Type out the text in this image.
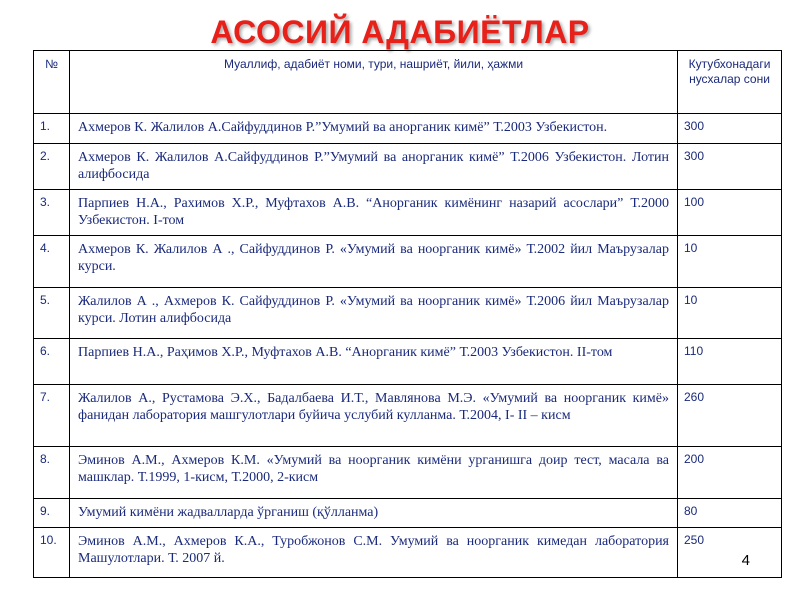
АСОСИЙ АДАБИЁТЛАР
№	Муаллиф, адабиёт номи, тури, нашриёт, йили, ҳажми	Кутубхонадаги нусхалар сони
1.	Ахмеров К. Жалилов А.Сайфуддинов Р.”Умумий ва анорганик кимё” Т.2003 Узбекистон.	300
2.	Ахмеров К. Жалилов А.Сайфуддинов Р.”Умумий ва анорганик кимё” Т.2006 Узбекистон. Лотин алифбосида	300
3.	Парпиев Н.А., Рахимов Х.Р., Муфтахов А.В. “Анорганик кимёнинг назарий асослари” Т.2000 Узбекистон. I-том	100
4.	Ахмеров К. Жалилов А ., Сайфуддинов Р. «Умумий ва ноорганик кимё» Т.2002 йил Маърузалар курси.	10
5.	Жалилов А ., Ахмеров К. Сайфуддинов Р. «Умумий ва ноорганик кимё» Т.2006 йил Маърузалар курси. Лотин алифбосида	10
6.	Парпиев Н.А., Раҳимов Х.Р., Муфтахов А.В. “Анорганик кимё” Т.2003 Узбекистон. II-том	110
7.	Жалилов А., Рустамова Э.Х., Бадалбаева И.Т., Мавлянова М.Э. «Умумий ва ноорганик кимё» фанидан лаборатория машгулотлари буйича услубий кулланма. Т.2004, I- II – кисм	260
8.	Эминов А.М., Ахмеров К.М. «Умумий ва ноорганик кимёни урганишга доир тест, масала ва машклар. Т.1999, 1-кисм, Т.2000, 2-кисм	200
9.	Умумий кимёни жадвалларда ўрганиш (қўлланма)	80
10.	Эминов А.М., Ахмеров К.А., Туробжонов С.М. Умумий ва ноорганик кимедан лаборатория Машулотлари. Т. 2007 й.	250
4
